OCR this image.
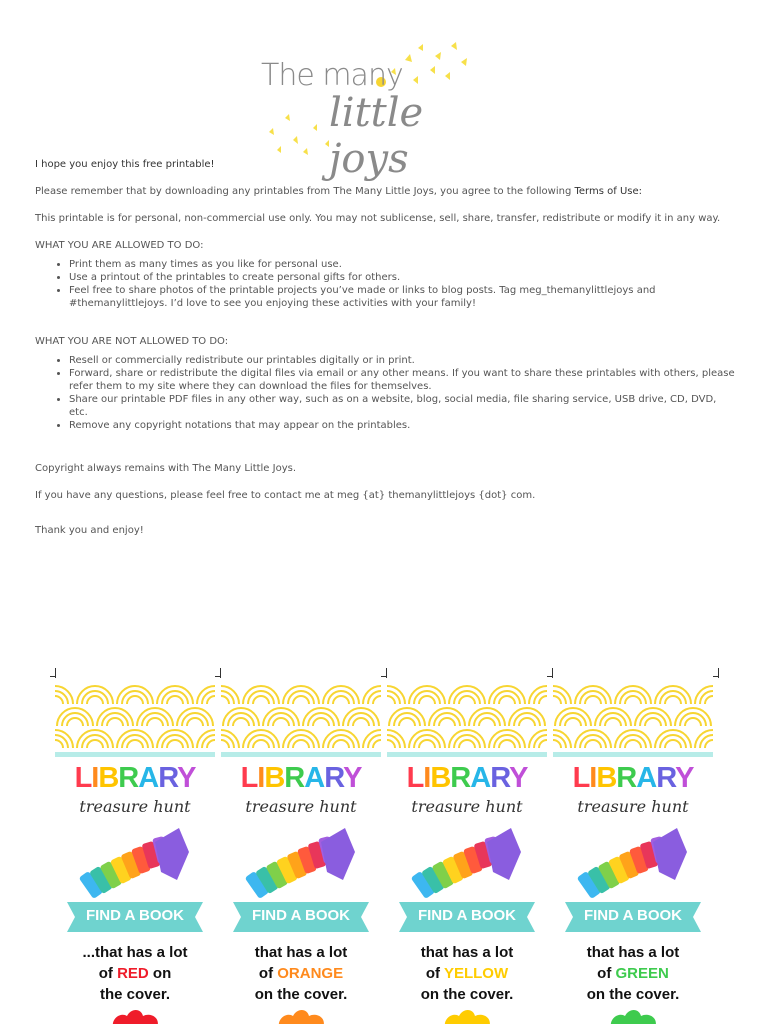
The many
little joys

I hope you enjoy this free printable!

Please remember that by downloading any printables from The Many Little Joys, you agree to the following Terms of Use:

This printable is for personal, non-commercial use only. You may not sublicense, sell, share, transfer, redistribute or modify it in any way.

WHAT YOU ARE ALLOWED TO DO:

• Print them as many times as you like for personal use.
• Use a printout of the printables to create personal gifts for others.
• Feel free to share photos of the printable projects you’ve made or links to blog posts. Tag meg_themanylittlejoys and #themanylittlejoys. I’d love to see you enjoying these activities with your family!

WHAT YOU ARE NOT ALLOWED TO DO:

• Resell or commercially redistribute our printables digitally or in print.
• Forward, share or redistribute the digital files via email or any other means. If you want to share these printables with others, please refer them to my site where they can download the files for themselves.
• Share our printable PDF files in any other way, such as on a website, blog, social media, file sharing service, USB drive, CD, DVD, etc.
• Remove any copyright notations that may appear on the printables.

Copyright always remains with The Many Little Joys.

If you have any questions, please feel free to contact me at meg {at} themanylittlejoys {dot} com.

Thank you and enjoy!

LIBRARY
treasure hunt
FIND A BOOK
...that has a lot
of RED on
the cover.
LIBRARY
treasure hunt
FIND A BOOK
that has a lot
of ORANGE
on the cover.
LIBRARY
treasure hunt
FIND A BOOK
that has a lot
of YELLOW
on the cover.
LIBRARY
treasure hunt
FIND A BOOK
that has a lot
of GREEN
on the cover.
